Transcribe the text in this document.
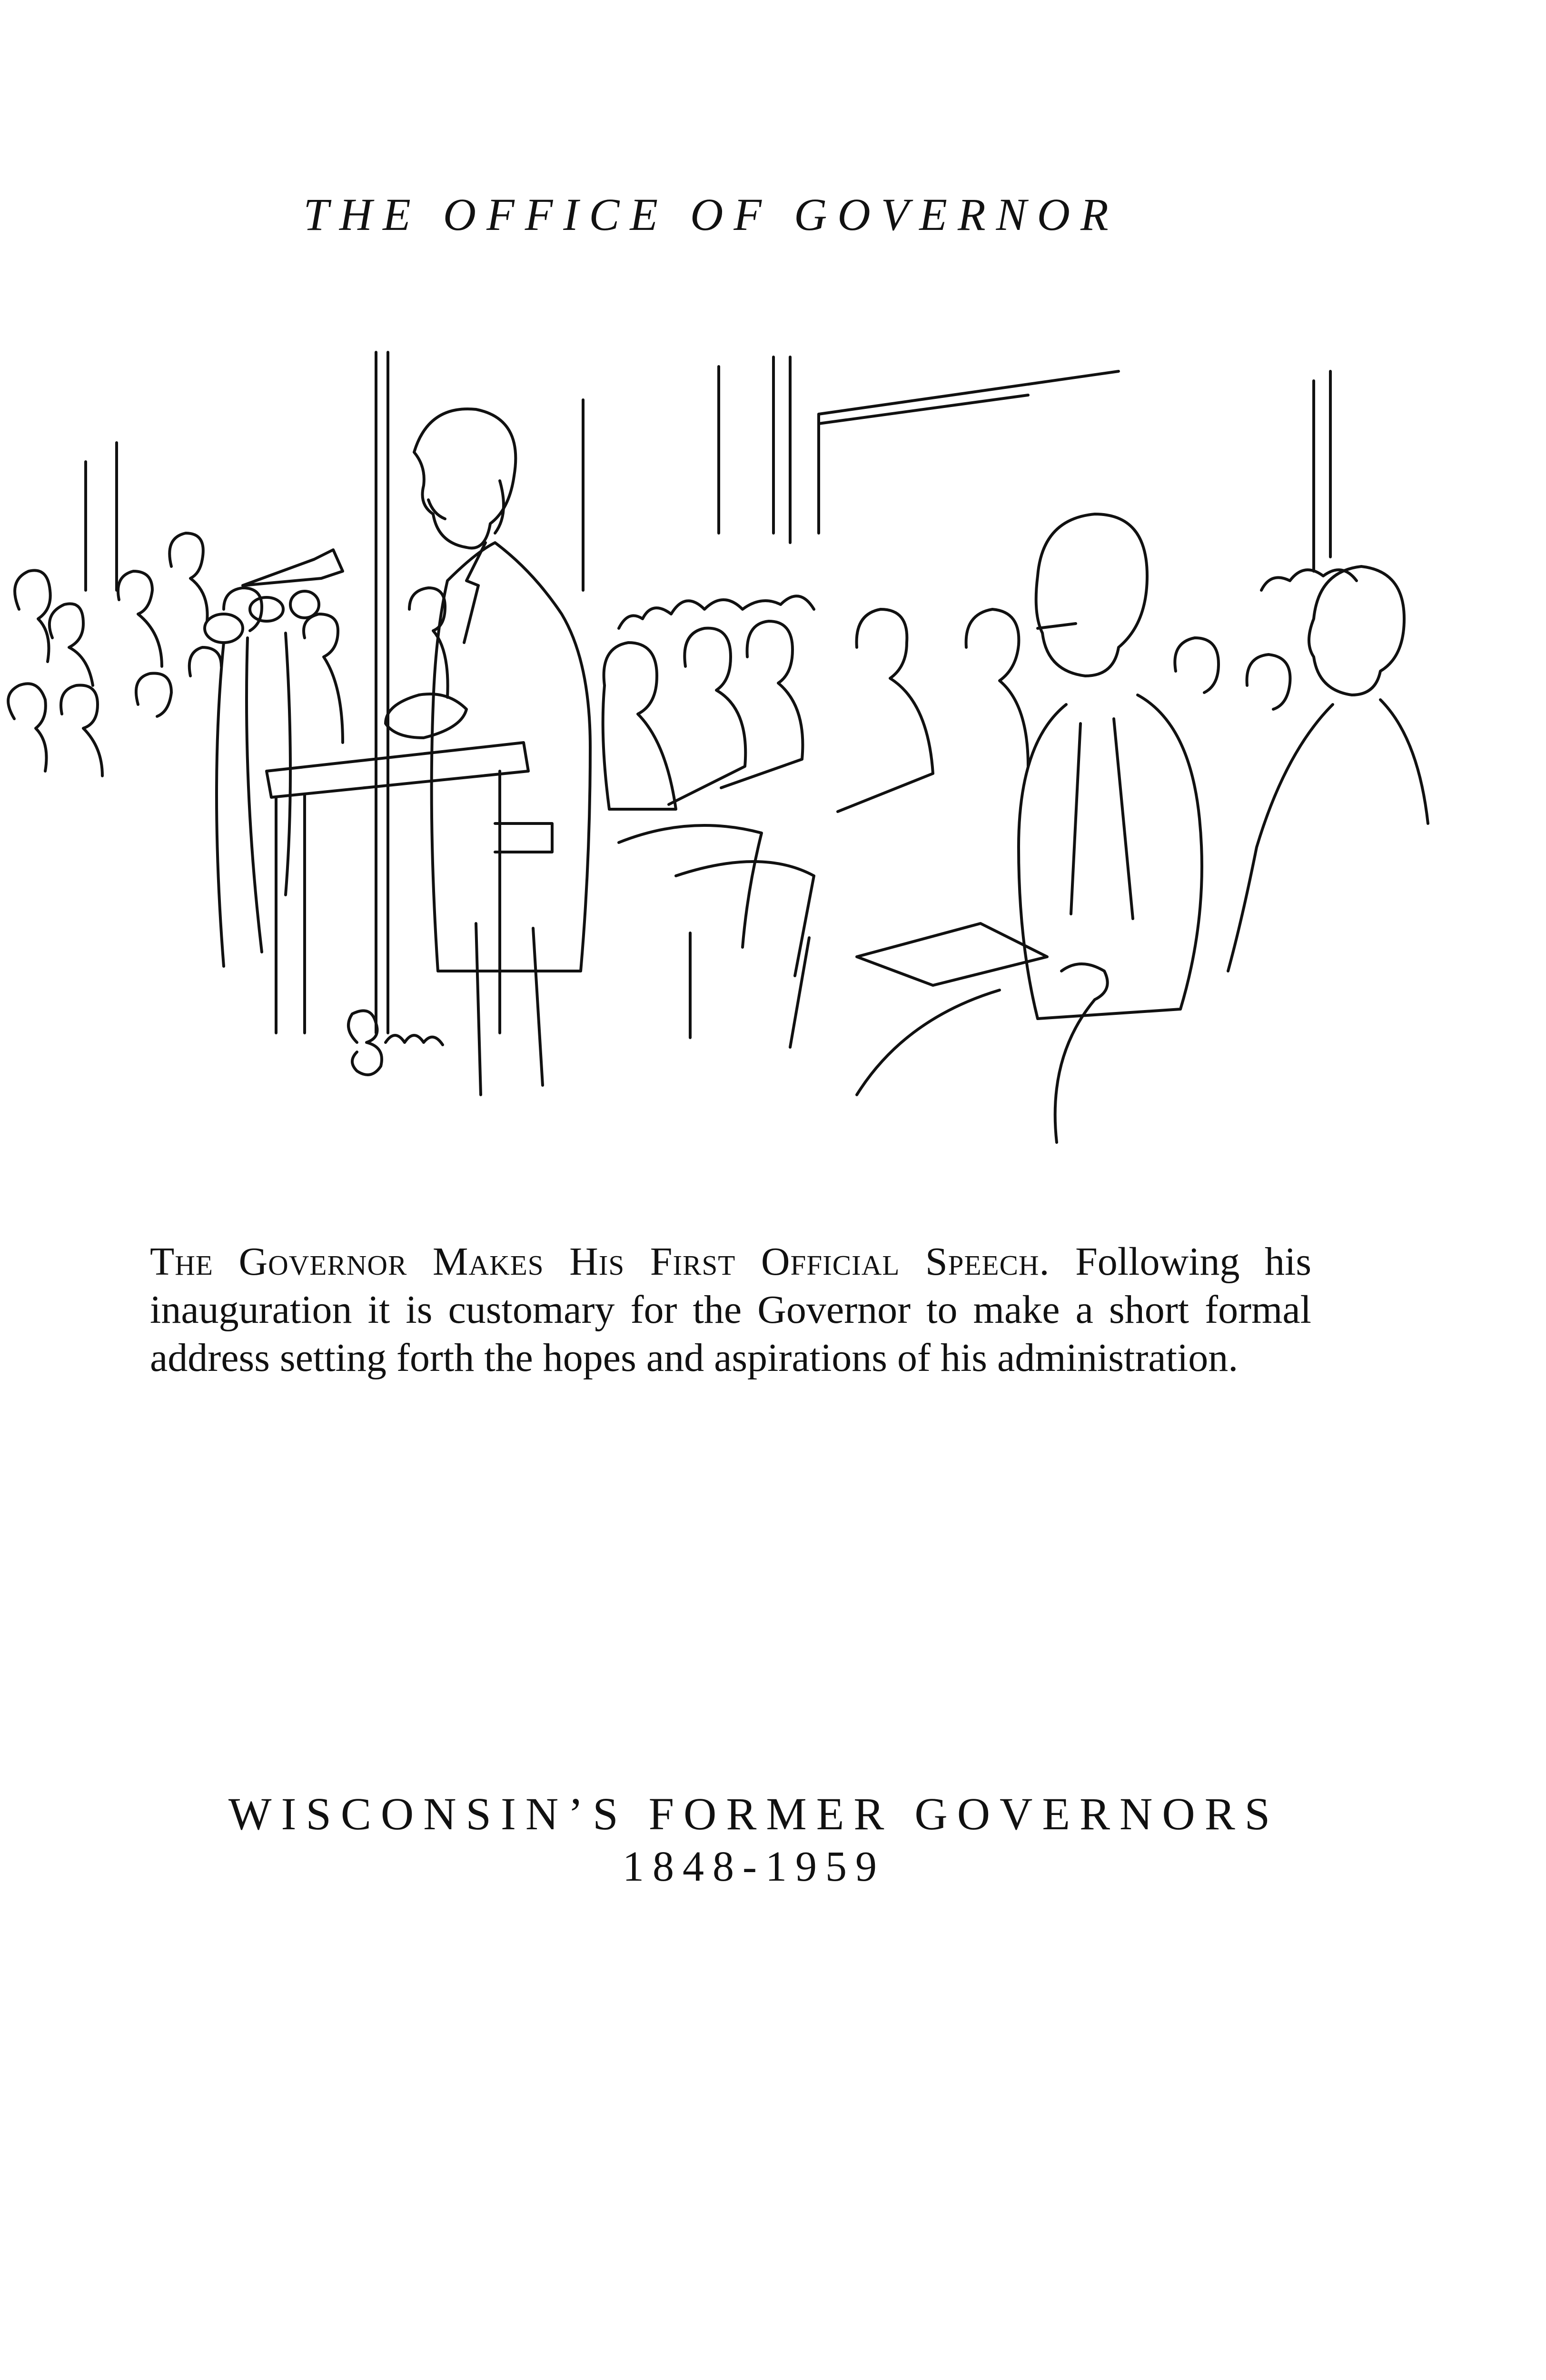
THE OFFICE OF GOVERNOR
The Governor Makes His First Official Speech. Following his inauguration it is customary for the Governor to make a short formal address setting forth the hopes and aspirations of his administration.
WISCONSIN’S FORMER GOVERNORS
1848-1959
